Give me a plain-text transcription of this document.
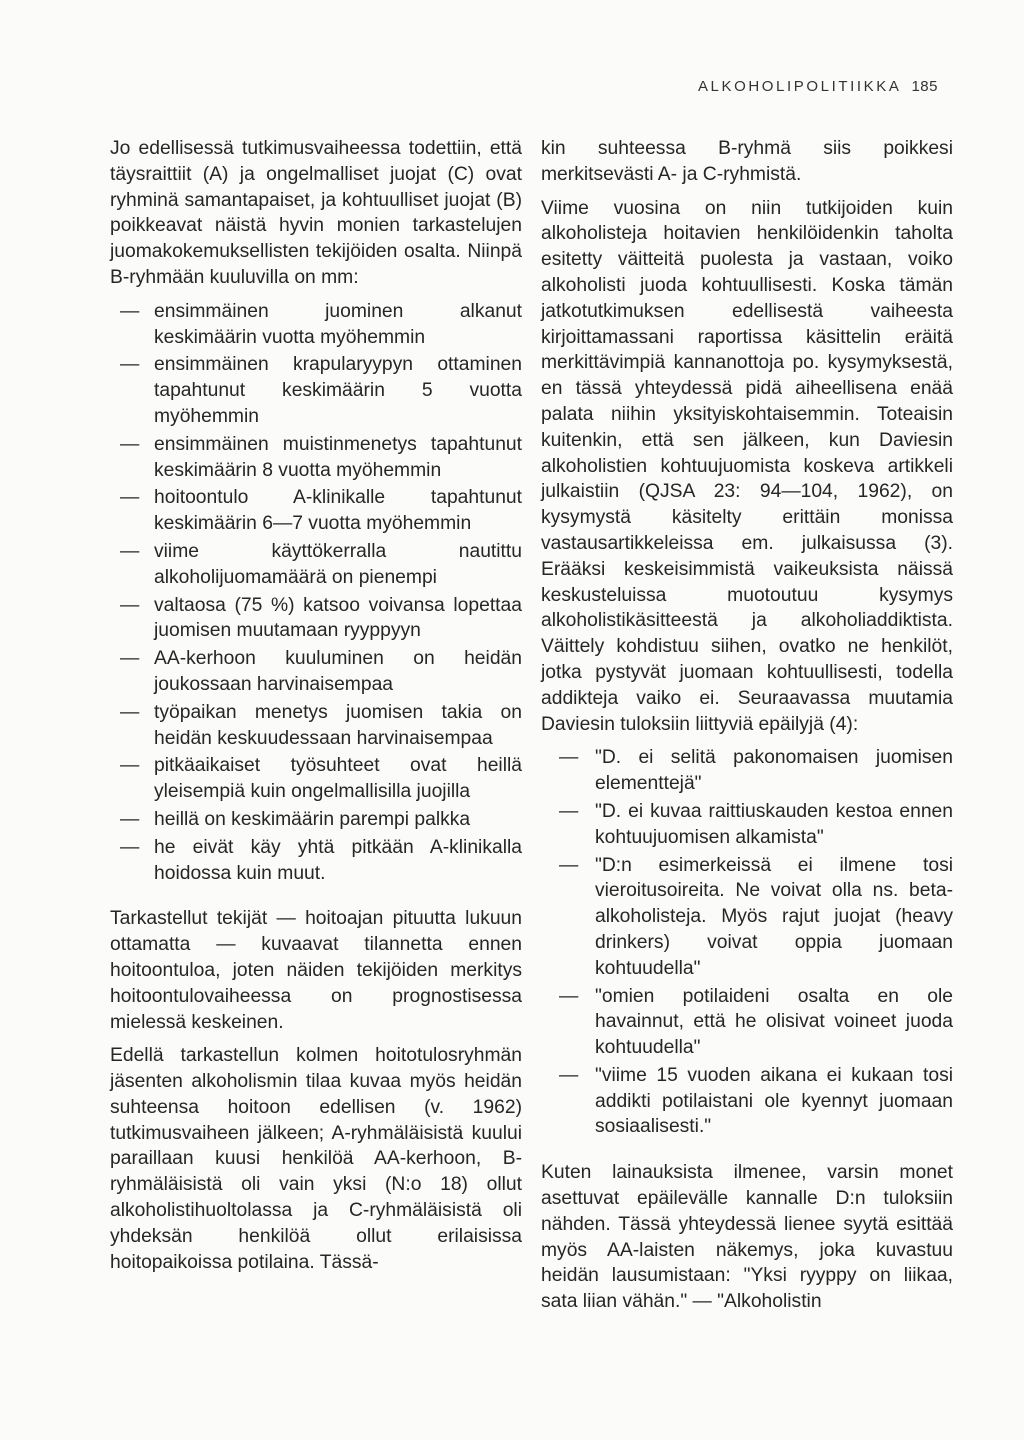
ALKOHOLIPOLITIIKKA 185

Jo edellisessä tutkimusvaiheessa todettiin, että täysraittiit (A) ja ongelmalliset juojat (C) ovat ryhminä samantapaiset, ja kohtuulliset juojat (B) poikkeavat näistä hyvin monien tarkastelujen juomakokemuksellisten tekijöiden osalta. Niinpä B-ryhmään kuuluvilla on mm:

— ensimmäinen juominen alkanut keskimäärin vuotta myöhemmin
— ensimmäinen krapularyypyn ottaminen tapahtunut keskimäärin 5 vuotta myöhemmin
— ensimmäinen muistinmenetys tapahtunut keskimäärin 8 vuotta myöhemmin
— hoitoontulo A-klinikalle tapahtunut keskimäärin 6—7 vuotta myöhemmin
— viime käyttökerralla nautittu alkoholijuomamäärä on pienempi
— valtaosa (75 %) katsoo voivansa lopettaa juomisen muutamaan ryyppyyn
— AA-kerhoon kuuluminen on heidän joukossaan harvinaisempaa
— työpaikan menetys juomisen takia on heidän keskuudessaan harvinaisempaa
— pitkäaikaiset työsuhteet ovat heillä yleisempiä kuin ongelmallisilla juojilla
— heillä on keskimäärin parempi palkka
— he eivät käy yhtä pitkään A-klinikalla hoidossa kuin muut.

Tarkastellut tekijät — hoitoajan pituutta lukuun ottamatta — kuvaavat tilannetta ennen hoitoontuloa, joten näiden tekijöiden merkitys hoitoontulovaiheessa on prognostisessa mielessä keskeinen.

Edellä tarkastellun kolmen hoitotulosryhmän jäsenten alkoholismin tilaa kuvaa myös heidän suhteensa hoitoon edellisen (v. 1962) tutkimusvaiheen jälkeen; A-ryhmäläisistä kuului paraillaan kuusi henkilöä AA-kerhoon, B-ryhmäläisistä oli vain yksi (N:o 18) ollut alkoholistihuoltolassa ja C-ryhmäläisistä oli yhdeksän henkilöä ollut erilaisissa hoitopaikoissa potilaina. Tässä-

kin suhteessa B-ryhmä siis poikkesi merkitsevästi A- ja C-ryhmistä.

Viime vuosina on niin tutkijoiden kuin alkoholisteja hoitavien henkilöidenkin taholta esitetty väitteitä puolesta ja vastaan, voiko alkoholisti juoda kohtuullisesti. Koska tämän jatkotutkimuksen edellisestä vaiheesta kirjoittamassani raportissa käsittelin eräitä merkittävimpiä kannanottoja po. kysymyksestä, en tässä yhteydessä pidä aiheellisena enää palata niihin yksityiskohtaisemmin. Toteaisin kuitenkin, että sen jälkeen, kun Daviesin alkoholistien kohtuujuomista koskeva artikkeli julkaistiin (QJSA 23: 94—104, 1962), on kysymystä käsitelty erittäin monissa vastausartikkeleissa em. julkaisussa (3). Erääksi keskeisimmistä vaikeuksista näissä keskusteluissa muotoutuu kysymys alkoholistikäsitteestä ja alkoholiaddiktista. Väittely kohdistuu siihen, ovatko ne henkilöt, jotka pystyvät juomaan kohtuullisesti, todella addikteja vaiko ei. Seuraavassa muutamia Daviesin tuloksiin liittyviä epäilyjä (4):

— "D. ei selitä pakonomaisen juomisen elementtejä"
— "D. ei kuvaa raittiuskauden kestoa ennen kohtuujuomisen alkamista"
— "D:n esimerkeissä ei ilmene tosi vieroitusoireita. Ne voivat olla ns. beta-alkoholisteja. Myös rajut juojat (heavy drinkers) voivat oppia juomaan kohtuudella"
— "omien potilaideni osalta en ole havainnut, että he olisivat voineet juoda kohtuudella"
— "viime 15 vuoden aikana ei kukaan tosi addikti potilaistani ole kyennyt juomaan sosiaalisesti."

Kuten lainauksista ilmenee, varsin monet asettuvat epäilevälle kannalle D:n tuloksiin nähden. Tässä yhteydessä lienee syytä esittää myös AA-laisten näkemys, joka kuvastuu heidän lausumistaan: "Yksi ryyppy on liikaa, sata liian vähän." — "Alkoholistin
